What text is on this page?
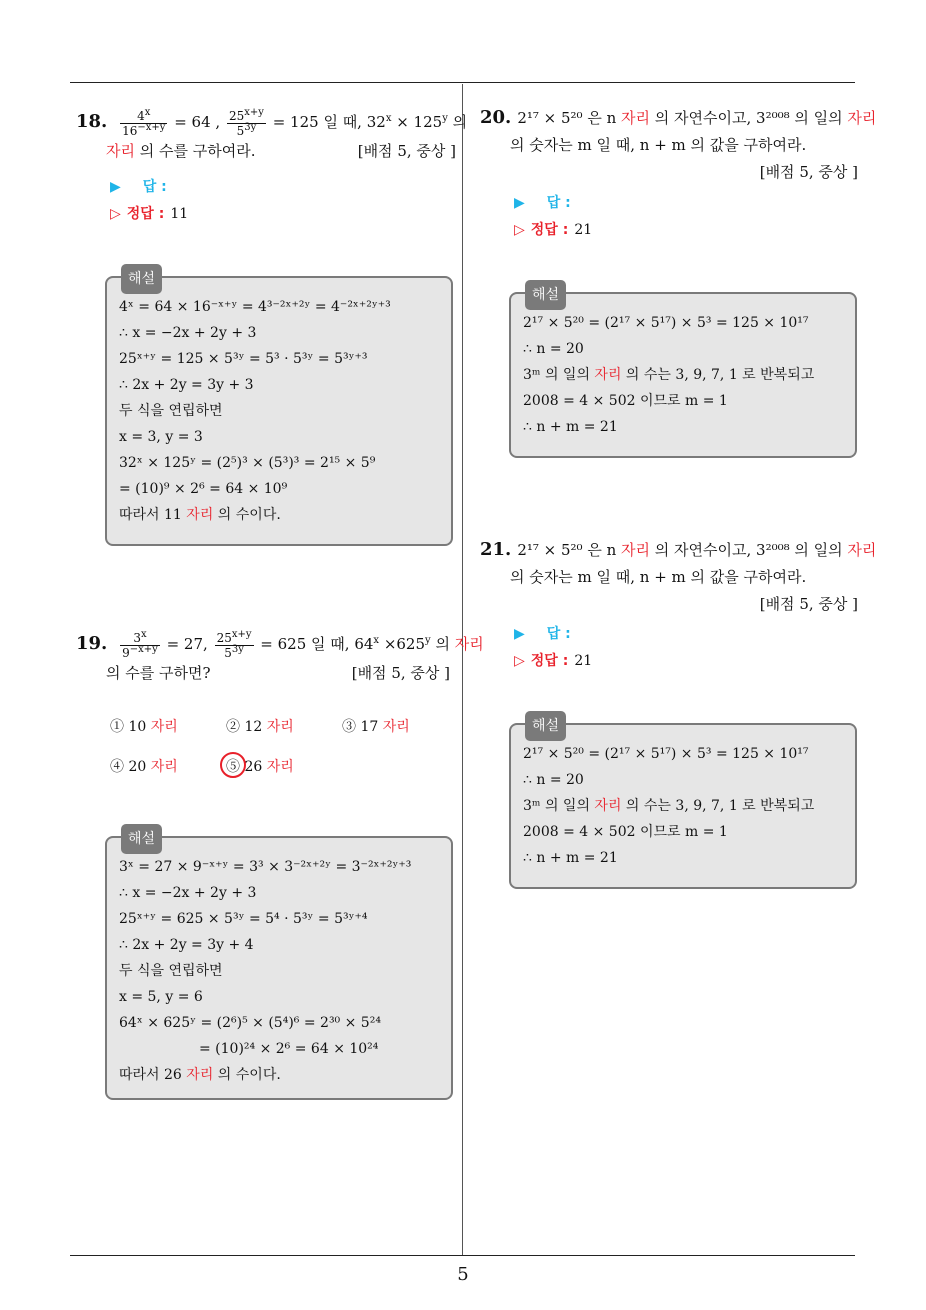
5
18. $\frac{4^x}{16^{-x+y}} = 64$ , $\frac{25^{x+y}}{5^{3y}} = 125$ 일 때, $32^x \times 125^y$ 의
자리 의 수를 구하여라.	[배점 5, 중상 ]
▶ 답 :
▷ 정답 : 11
해설
4ˣ = 64 × 16⁻ˣ⁺ʸ = 4³⁻²ˣ⁺²ʸ = 4⁻²ˣ⁺²ʸ⁺³
∴ x = −2x + 2y + 3
25ˣ⁺ʸ = 125 × 5³ʸ = 5³ · 5³ʸ = 5³ʸ⁺³
∴ 2x + 2y = 3y + 3
두 식을 연립하면
x = 3, y = 3
32ˣ × 125ʸ = (2⁵)³ × (5³)³ = 2¹⁵ × 5⁹
= (10)⁹ × 2⁶ = 64 × 10⁹
따라서 11 자리 의 수이다.
19. $\frac{3^x}{9^{-x+y}} = 27$, $\frac{25^{x+y}}{5^{3y}} = 625$ 일 때, $64^x \times 625^y$ 의 자리
의 수를 구하면?	[배점 5, 중상 ]
① 10 자리	② 12 자리	③ 17 자리
④ 20 자리	⑤ 26 자리
해설
3ˣ = 27 × 9⁻ˣ⁺ʸ = 3³ × 3⁻²ˣ⁺²ʸ = 3⁻²ˣ⁺²ʸ⁺³
∴ x = −2x + 2y + 3
25ˣ⁺ʸ = 625 × 5³ʸ = 5⁴ · 5³ʸ = 5³ʸ⁺⁴
∴ 2x + 2y = 3y + 4
두 식을 연립하면
x = 5, y = 6
64ˣ × 625ʸ = (2⁶)⁵ × (5⁴)⁶ = 2³⁰ × 5²⁴
= (10)²⁴ × 2⁶ = 64 × 10²⁴
따라서 26 자리 의 수이다.
20. 2¹⁷ × 5²⁰ 은 n 자리 의 자연수이고, 3²⁰⁰⁸ 의 일의 자리
의 숫자는 m 일 때, n + m 의 값을 구하여라.
[배점 5, 중상 ]
▶ 답 :
▷ 정답 : 21
해설
2¹⁷ × 5²⁰ = (2¹⁷ × 5¹⁷) × 5³ = 125 × 10¹⁷
∴ n = 20
3ᵐ 의 일의 자리 의 수는 3, 9, 7, 1 로 반복되고
2008 = 4 × 502 이므로 m = 1
∴ n + m = 21
21. 2¹⁷ × 5²⁰ 은 n 자리 의 자연수이고, 3²⁰⁰⁸ 의 일의 자리
의 숫자는 m 일 때, n + m 의 값을 구하여라.
[배점 5, 중상 ]
▶ 답 :
▷ 정답 : 21
해설
2¹⁷ × 5²⁰ = (2¹⁷ × 5¹⁷) × 5³ = 125 × 10¹⁷
∴ n = 20
3ᵐ 의 일의 자리 의 수는 3, 9, 7, 1 로 반복되고
2008 = 4 × 502 이므로 m = 1
∴ n + m = 21
